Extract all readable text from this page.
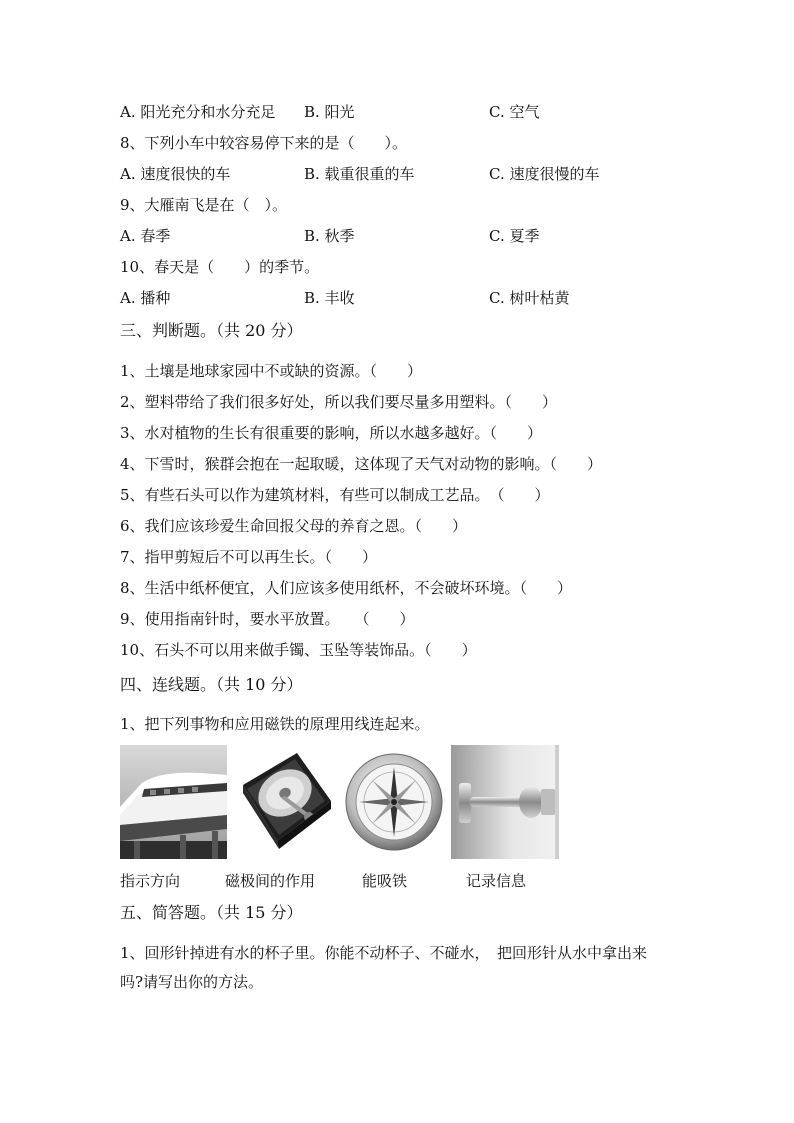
A. 阳光充分和水分充足 B. 阳光	C. 空气
8、下列小车中较容易停下来的是（　　）。
A. 速度很快的车	B. 载重很重的车	C. 速度很慢的车
9、大雁南飞是在（　）。
A. 春季	B. 秋季	C. 夏季
10、春天是（　　）的季节。
A. 播种	B. 丰收	C. 树叶枯黄
三、判断题。（共 20 分）
1、土壤是地球家园中不或缺的资源。（　　）
2、塑料带给了我们很多好处，所以我们要尽量多用塑料。（　　）
3、水对植物的生长有很重要的影响，所以水越多越好。（　　）
4、下雪时，猴群会抱在一起取暖，这体现了天气对动物的影响。（　　）
5、有些石头可以作为建筑材料，有些可以制成工艺品。　（　　）
6、我们应该珍爱生命回报父母的养育之恩。（　　）
7、指甲剪短后不可以再生长。（　　）
8、生活中纸杯便宜，人们应该多使用纸杯，不会破坏环境。（　　）
9、使用指南针时，要水平放置。　　（　　）
10、石头不可以用来做手镯、玉坠等装饰品。（　　）
四、连线题。（共 10 分）
1、把下列事物和应用磁铁的原理用线连起来。
指示方向	磁极间的作用	能吸铁	记录信息
五、简答题。（共 15 分）
1、回形针掉进有水的杯子里。你能不动杯子、不碰水，　把回形针从水中拿出来
吗?请写出你的方法。
